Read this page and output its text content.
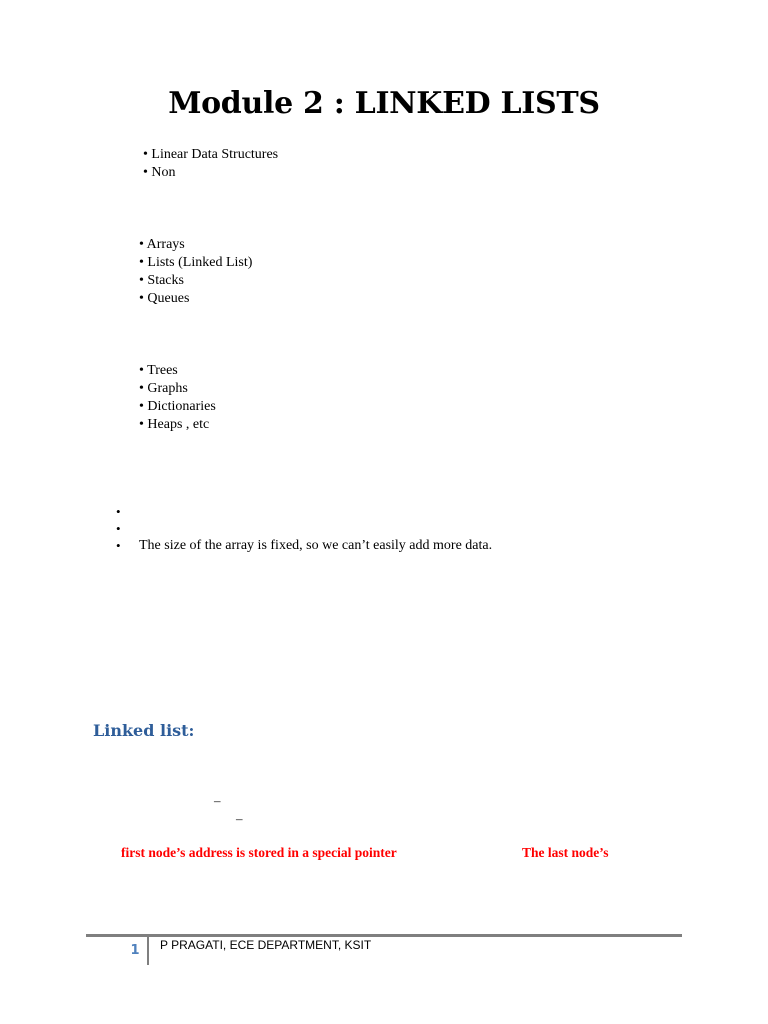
Module 2 : LINKED LISTS
• Linear Data Structures
• Non
• Arrays
• Lists (Linked List)
• Stacks
• Queues
• Trees
• Graphs
• Dictionaries
• Heaps , etc
•
•
• The size of the array is fixed, so we can’t easily add more data.
Linked list:
–
–
first node’s address is stored in a special pointer	The last node’s
1 P PRAGATI, ECE DEPARTMENT, KSIT
